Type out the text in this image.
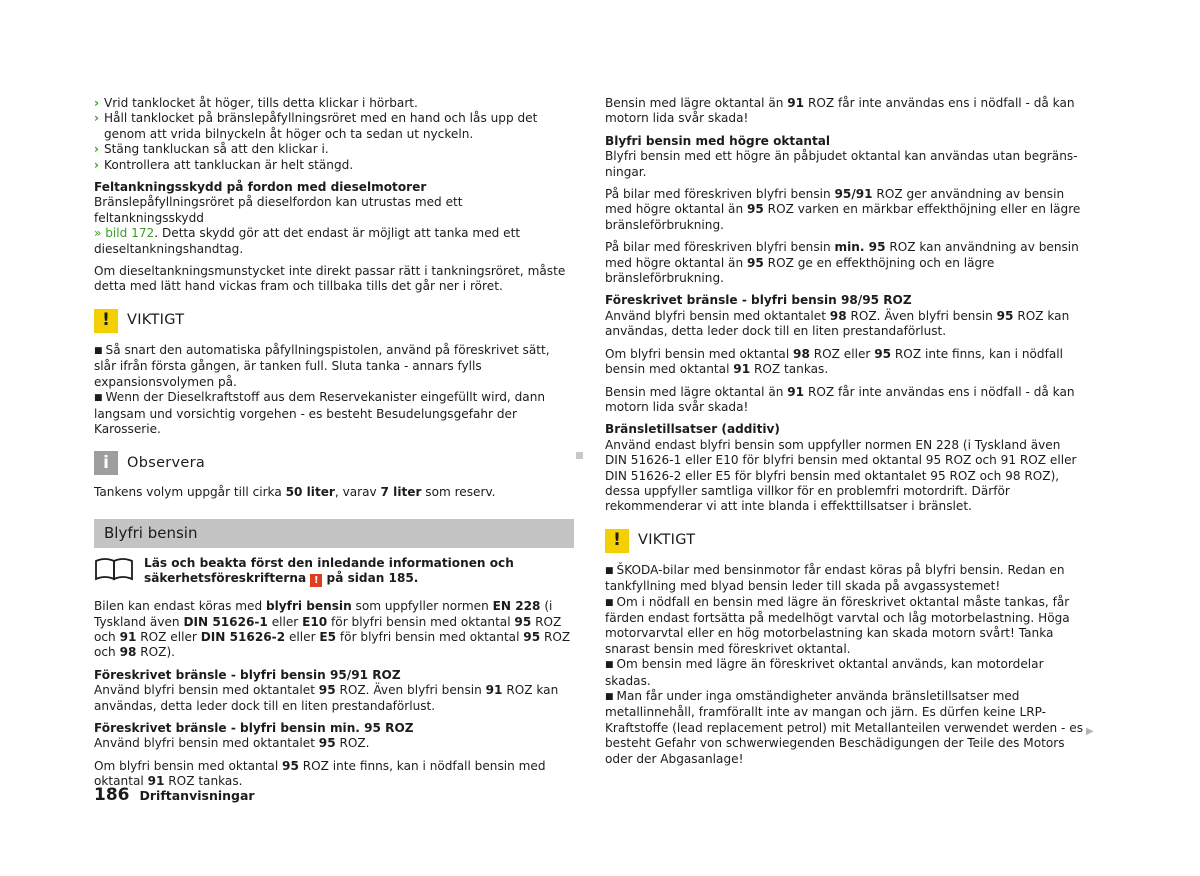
› Vrid tanklocket åt höger, tills detta klickar i hörbart.
› Håll tanklocket på bränslepåfyllningsröret med en hand och lås upp det genom att vrida bilnyckeln åt höger och ta sedan ut nyckeln.
› Stäng tankluckan så att den klickar i.
› Kontrollera att tankluckan är helt stängd.

Feltankningsskydd på fordon med dieselmotorer

Bränslepåfyllningsröret på dieselfordon kan utrustas med ett feltankningsskydd
» bild 172. Detta skydd gör att det endast är möjligt att tanka med ett dieseltankningshandtag.

Om dieseltankningsmunstycket inte direkt passar rätt i tankningsröret, måste detta med lätt hand vickas fram och tillbaka tills det går ner i röret.

!	VIKTIGT

■ Så snart den automatiska påfyllningspistolen, använd på föreskrivet sätt, slår ifrån första gången, är tanken full. Sluta tanka - annars fylls expansionsvolymen på.

■ Wenn der Dieselkraftstoff aus dem Reservekanister eingefüllt wird, dann langsam und vorsichtig vorgehen - es besteht Besudelungsgefahr der Karosserie.

i	Observera

Tankens volym uppgår till cirka 50 liter, varav 7 liter som reserv.

Blyfri bensin
Läs och beakta först den inledande informationen och säkerhetsföreskrifterna ! på sidan 185.

Bilen kan endast köras med blyfri bensin som uppfyller normen EN 228 (i Tyskland även DIN 51626-1 eller E10 för blyfri bensin med oktantal 95 ROZ och 91 ROZ eller DIN 51626-2 eller E5 för blyfri bensin med oktantal 95 ROZ och 98 ROZ).

Föreskrivet bränsle - blyfri bensin 95/91 ROZ

Använd blyfri bensin med oktantalet 95 ROZ. Även blyfri bensin 91 ROZ kan användas, detta leder dock till en liten prestandaförlust.

Föreskrivet bränsle - blyfri bensin min. 95 ROZ

Använd blyfri bensin med oktantalet 95 ROZ.

Om blyfri bensin med oktantal 95 ROZ inte finns, kan i nödfall bensin med oktantal 91 ROZ tankas.

Bensin med lägre oktantal än 91 ROZ får inte användas ens i nödfall - då kan motorn lida svår skada!

Blyfri bensin med högre oktantal

Blyfri bensin med ett högre än påbjudet oktantal kan användas utan begränsningar.

På bilar med föreskriven blyfri bensin 95/91 ROZ ger användning av bensin med högre oktantal än 95 ROZ varken en märkbar effekthöjning eller en lägre bränsleförbrukning.

På bilar med föreskriven blyfri bensin min. 95 ROZ kan användning av bensin med högre oktantal än 95 ROZ ge en effekthöjning och en lägre bränsleförbrukning.

Föreskrivet bränsle - blyfri bensin 98/95 ROZ

Använd blyfri bensin med oktantalet 98 ROZ. Även blyfri bensin 95 ROZ kan användas, detta leder dock till en liten prestandaförlust.

Om blyfri bensin med oktantal 98 ROZ eller 95 ROZ inte finns, kan i nödfall bensin med oktantal 91 ROZ tankas.

Bensin med lägre oktantal än 91 ROZ får inte användas ens i nödfall - då kan motorn lida svår skada!

Bränsletillsatser (additiv)

Använd endast blyfri bensin som uppfyller normen EN 228 (i Tyskland även DIN 51626-1 eller E10 för blyfri bensin med oktantal 95 ROZ och 91 ROZ eller DIN 51626-2 eller E5 för blyfri bensin med oktantalet 95 ROZ och 98 ROZ), dessa uppfyller samtliga villkor för en problemfri motordrift. Därför rekommenderar vi att inte blanda i effekttillsatser i bränslet.

!	VIKTIGT

■ ŠKODA-bilar med bensinmotor får endast köras på blyfri bensin. Redan en tankfyllning med blyad bensin leder till skada på avgassystemet!

■ Om i nödfall en bensin med lägre än föreskrivet oktantal måste tankas, får färden endast fortsätta på medelhögt varvtal och låg motorbelastning. Höga motorvarvtal eller en hög motorbelastning kan skada motorn svårt! Tanka snarast bensin med föreskrivet oktantal.

■ Om bensin med lägre än föreskrivet oktantal används, kan motordelar skadas.

■ Man får under inga omständigheter använda bränsletillsatser med metallinnehåll, framförallt inte av mangan och järn. Es dürfen keine LRP-Kraftstoffe (lead replacement petrol) mit Metallanteilen verwendet werden - es besteht Gefahr von schwerwiegenden Beschädigungen der Teile des Motors oder der Abgasanlage!

▶
186 Driftanvisningar
